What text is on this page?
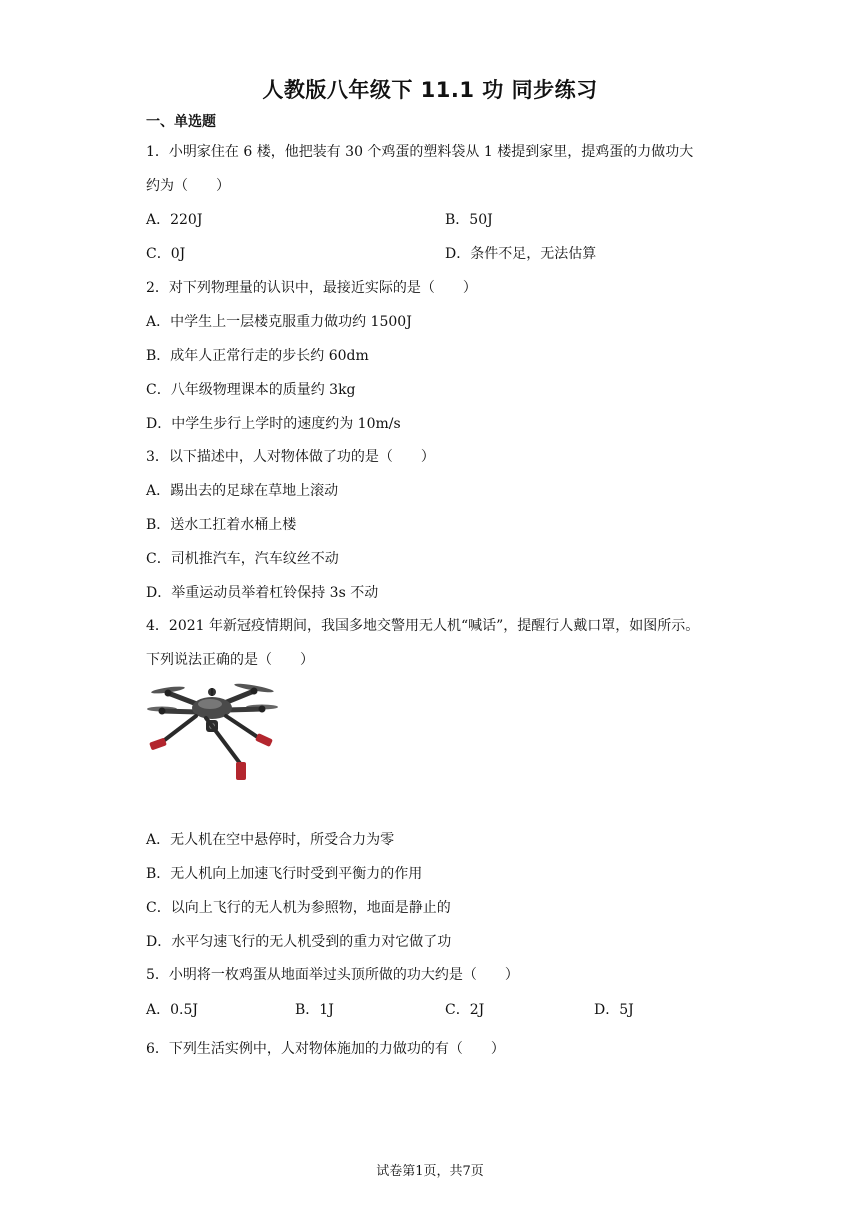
人教版八年级下 11.1 功 同步练习
一、单选题
1．小明家住在 6 楼，他把装有 30 个鸡蛋的塑料袋从 1 楼提到家里，提鸡蛋的力做功大
约为（　　）
A．220J	B．50J
C．0J	D．条件不足，无法估算
2．对下列物理量的认识中，最接近实际的是（　　）
A．中学生上一层楼克服重力做功约 1500J
B．成年人正常行走的步长约 60dm
C．八年级物理课本的质量约 3kg
D．中学生步行上学时的速度约为 10m/s
3．以下描述中，人对物体做了功的是（　　）
A．踢出去的足球在草地上滚动
B．送水工扛着水桶上楼
C．司机推汽车，汽车纹丝不动
D．举重运动员举着杠铃保持 3s 不动
4．2021 年新冠疫情期间，我国多地交警用无人机“喊话”，提醒行人戴口罩，如图所示。
下列说法正确的是（　　）
A．无人机在空中悬停时，所受合力为零
B．无人机向上加速飞行时受到平衡力的作用
C．以向上飞行的无人机为参照物，地面是静止的
D．水平匀速飞行的无人机受到的重力对它做了功
5．小明将一枚鸡蛋从地面举过头顶所做的功大约是（　　）
A．0.5J	B．1J	C．2J	D．5J
6．下列生活实例中，人对物体施加的力做功的有（　　）
试卷第1页，共7页
